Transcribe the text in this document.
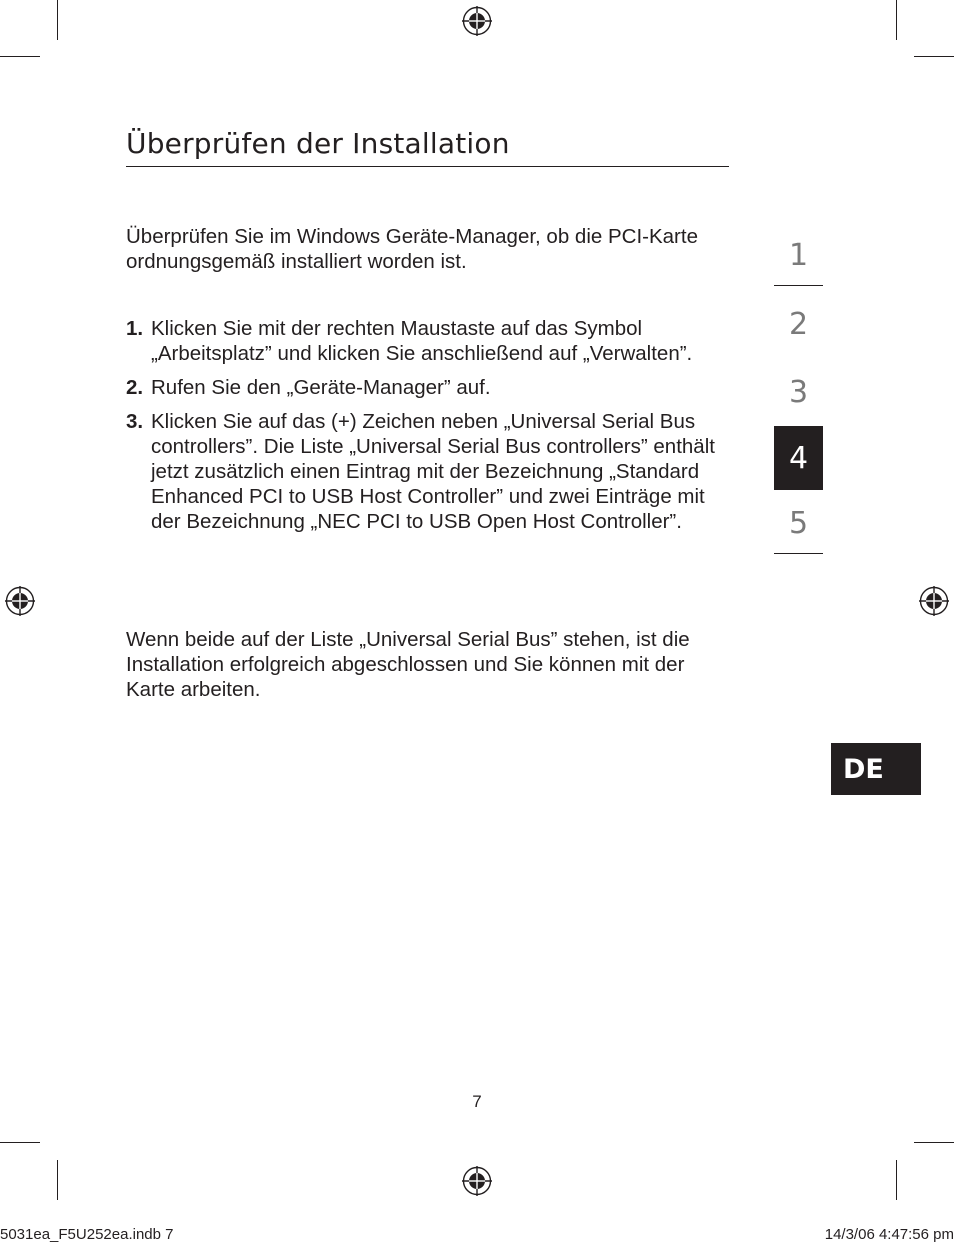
Überprüfen der Installation

Überprüfen Sie im Windows Geräte-Manager, ob die PCI-Karte ordnungsgemäß installiert worden ist.

1. Klicken Sie mit der rechten Maustaste auf das Symbol „Arbeitsplatz” und klicken Sie anschließend auf „Verwalten”.
2. Rufen Sie den „Geräte-Manager” auf.
3. Klicken Sie auf das (+) Zeichen neben „Universal Serial Bus controllers”. Die Liste „Universal Serial Bus controllers” enthält jetzt zusätzlich einen Eintrag mit der Bezeichnung „Standard Enhanced PCI to USB Host Controller” und zwei Einträge mit der Bezeichnung „NEC PCI to USB Open Host Controller”.

Wenn beide auf der Liste „Universal Serial Bus” stehen, ist die Installation erfolgreich abgeschlossen und Sie können mit der Karte arbeiten.

1
2
3
4
5
DE
7
5031ea_F5U252ea.indb 7	14/3/06 4:47:56 pm
